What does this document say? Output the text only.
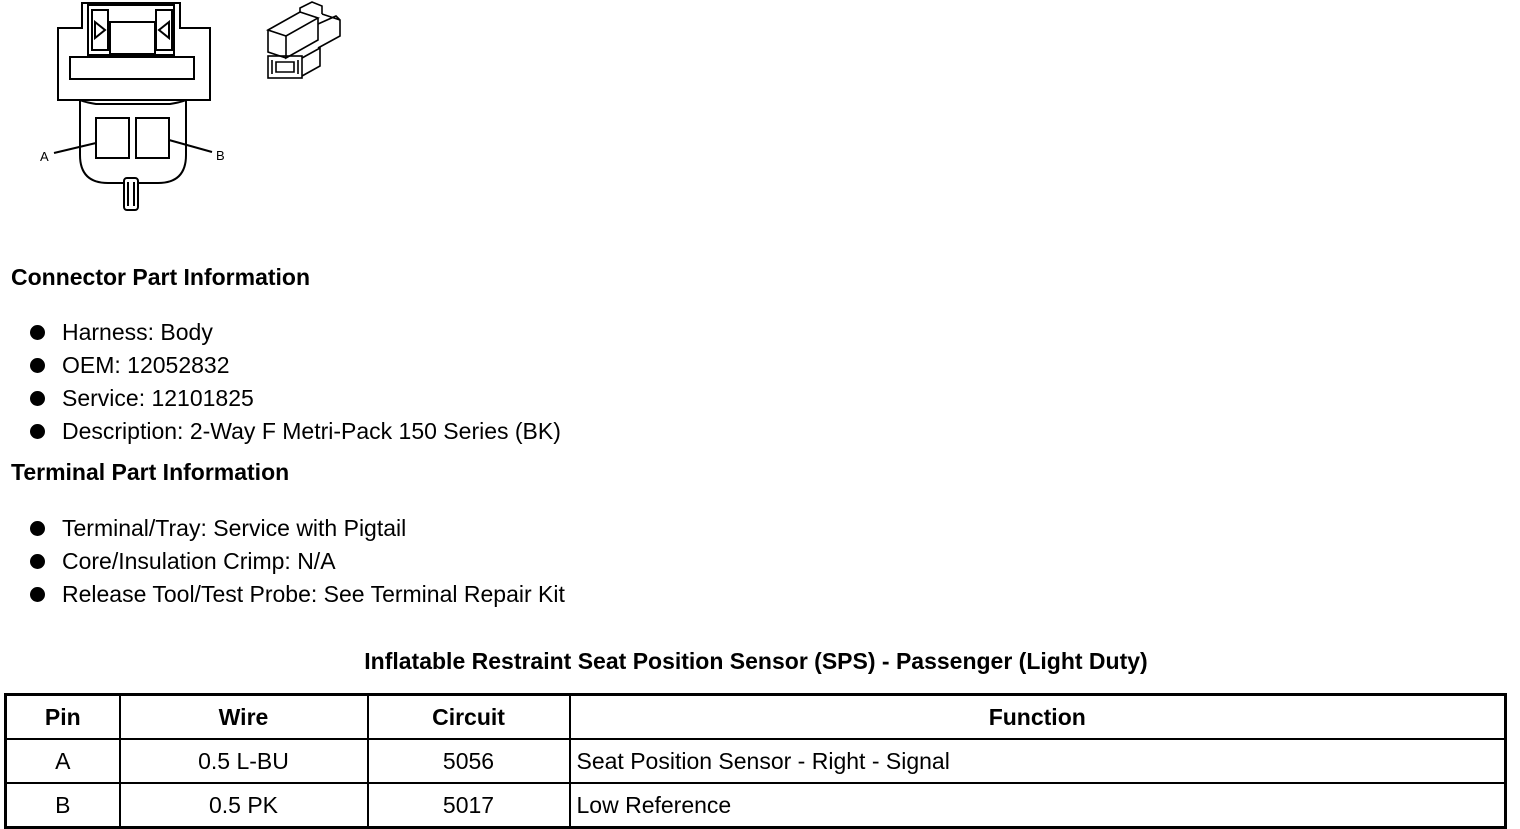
A	B
Connector Part Information
Harness: Body
OEM: 12052832
Service: 12101825
Description: 2-Way F Metri-Pack 150 Series (BK)
Terminal Part Information
Terminal/Tray: Service with Pigtail
Core/Insulation Crimp: N/A
Release Tool/Test Probe: See Terminal Repair Kit
Inflatable Restraint Seat Position Sensor (SPS) - Passenger (Light Duty)
Pin	Wire	Circuit	Function
A	0.5 L-BU	5056	Seat Position Sensor - Right - Signal
B	0.5 PK	5017	Low Reference
